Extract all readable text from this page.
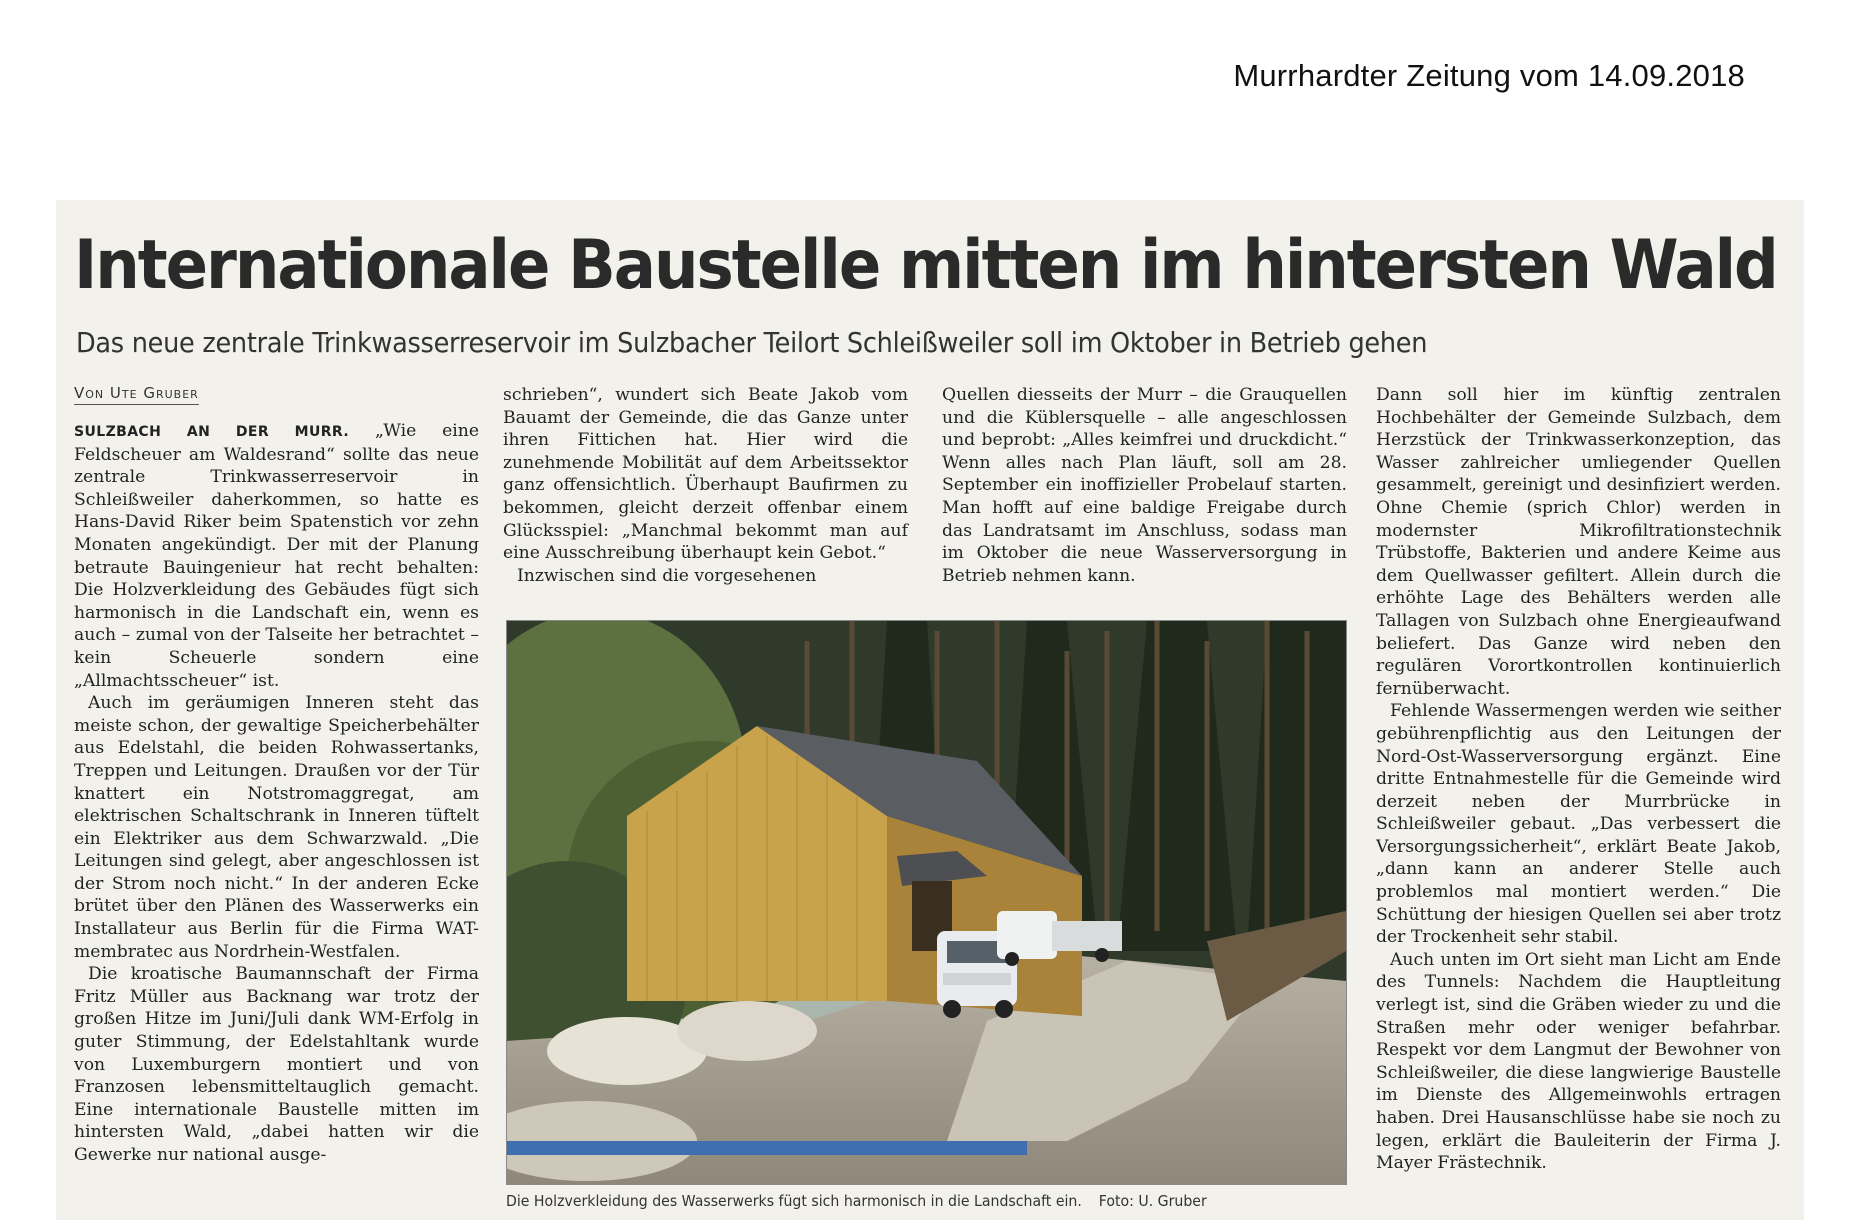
Murrhardter Zeitung vom 14.09.2018
Internationale Baustelle mitten im hintersten Wald
Das neue zentrale Trinkwasserreservoir im Sulzbacher Teilort Schleißweiler soll im Oktober in Betrieb gehen
Von Ute Gruber

SULZBACH AN DER MURR. „Wie eine Feldscheuer am Waldesrand“ sollte das neue zentrale Trinkwasserreservoir in Schleißweiler daherkommen, so hatte es Hans-David Riker beim Spatenstich vor zehn Monaten angekündigt. Der mit der Planung betraute Bauingenieur hat recht behalten: Die Holzverkleidung des Gebäudes fügt sich harmonisch in die Landschaft ein, wenn es auch – zumal von der Talseite her betrachtet – kein Scheuerle sondern eine „Allmachtsscheuer“ ist.

Auch im geräumigen Inneren steht das meiste schon, der gewaltige Speicherbehälter aus Edelstahl, die beiden Rohwassertanks, Treppen und Leitungen. Draußen vor der Tür knattert ein Notstromaggregat, am elektrischen Schaltschrank in Inneren tüftelt ein Elektriker aus dem Schwarzwald. „Die Leitungen sind gelegt, aber angeschlossen ist der Strom noch nicht.“ In der anderen Ecke brütet über den Plänen des Wasserwerks ein Installateur aus Berlin für die Firma WAT-membratec aus Nordrhein-Westfalen.

Die kroatische Baumannschaft der Firma Fritz Müller aus Backnang war trotz der großen Hitze im Juni/Juli dank WM-Erfolg in guter Stimmung, der Edelstahltank wurde von Luxemburgern montiert und von Franzosen lebensmitteltauglich gemacht. Eine internationale Baustelle mitten im hintersten Wald, „dabei hatten wir die Gewerke nur national ausge-

schrieben“, wundert sich Beate Jakob vom Bauamt der Gemeinde, die das Ganze unter ihren Fittichen hat. Hier wird die zunehmende Mobilität auf dem Arbeitssektor ganz offensichtlich. Überhaupt Baufirmen zu bekommen, gleicht derzeit offenbar einem Glücksspiel: „Manchmal bekommt man auf eine Ausschreibung überhaupt kein Gebot.“

Inzwischen sind die vorgesehenen

Quellen diesseits der Murr – die Grauquellen und die Küblersquelle – alle angeschlossen und beprobt: „Alles keimfrei und druckdicht.“ Wenn alles nach Plan läuft, soll am 28. September ein inoffizieller Probelauf starten. Man hofft auf eine baldige Freigabe durch das Landratsamt im Anschluss, sodass man im Oktober die neue Wasserversorgung in Betrieb nehmen kann.

Dann soll hier im künftig zentralen Hochbehälter der Gemeinde Sulzbach, dem Herzstück der Trinkwasserkonzeption, das Wasser zahlreicher umliegender Quellen gesammelt, gereinigt und desinfiziert werden. Ohne Chemie (sprich Chlor) werden in modernster Mikrofiltrationstechnik Trübstoffe, Bakterien und andere Keime aus dem Quellwasser gefiltert. Allein durch die erhöhte Lage des Behälters werden alle Tallagen von Sulzbach ohne Energieaufwand beliefert. Das Ganze wird neben den regulären Vorortkontrollen kontinuierlich fernüberwacht.

Fehlende Wassermengen werden wie seither gebührenpflichtig aus den Leitungen der Nord-Ost-Wasserversorgung ergänzt. Eine dritte Entnahmestelle für die Gemeinde wird derzeit neben der Murrbrücke in Schleißweiler gebaut. „Das verbessert die Versorgungssicherheit“, erklärt Beate Jakob, „dann kann an anderer Stelle auch problemlos mal montiert werden.“ Die Schüttung der hiesigen Quellen sei aber trotz der Trockenheit sehr stabil.

Auch unten im Ort sieht man Licht am Ende des Tunnels: Nachdem die Hauptleitung verlegt ist, sind die Gräben wieder zu und die Straßen mehr oder weniger befahrbar. Respekt vor dem Langmut der Bewohner von Schleißweiler, die diese langwierige Baustelle im Dienste des Allgemeinwohls ertragen haben. Drei Hausanschlüsse habe sie noch zu legen, erklärt die Bauleiterin der Firma J. Mayer Frästechnik.

Die Holzverkleidung des Wasserwerks fügt sich harmonisch in die Landschaft ein. Foto: U. Gruber
